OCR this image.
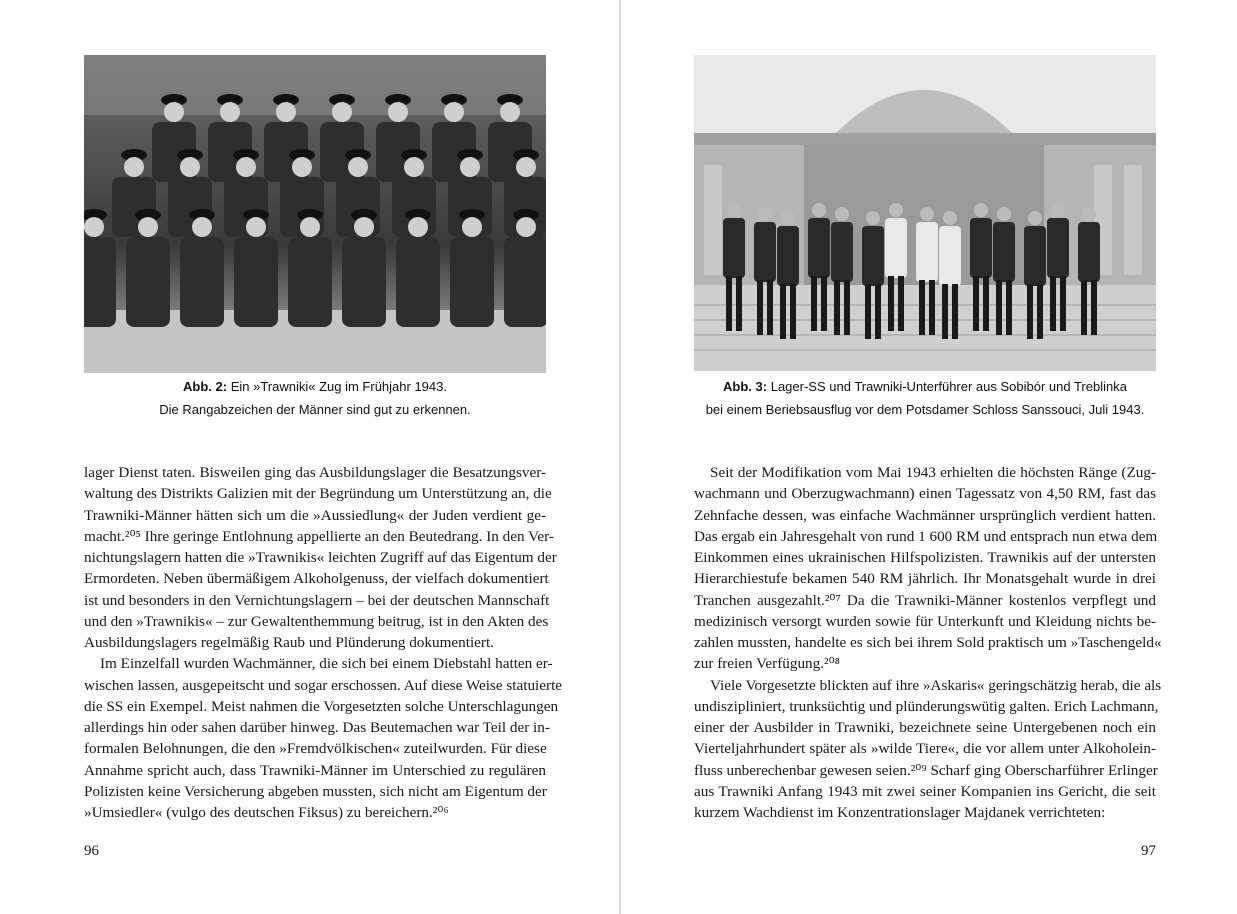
Abb. 2: Ein »Trawniki« Zug im Frühjahr 1943.
Die Rangabzeichen der Männer sind gut zu erkennen.
lager Dienst taten. Bisweilen ging das Ausbildungslager die Besatzungsver-
waltung des Distrikts Galizien mit der Begründung um Unterstützung an, die
Trawniki-Männer hätten sich um die »Aussiedlung« der Juden verdient ge-
macht.²⁰⁵ Ihre geringe Entlohnung appellierte an den Beutedrang. In den Ver-
nichtungslagern hatten die »Trawnikis« leichten Zugriff auf das Eigentum der
Ermordeten. Neben übermäßigem Alkoholgenuss, der vielfach dokumentiert
ist und besonders in den Vernichtungslagern – bei der deutschen Mannschaft
und den »Trawnikis« – zur Gewaltenthemmung beitrug, ist in den Akten des
Ausbildungslagers regelmäßig Raub und Plünderung dokumentiert.
Im Einzelfall wurden Wachmänner, die sich bei einem Diebstahl hatten er-
wischen lassen, ausgepeitscht und sogar erschossen. Auf diese Weise statuierte
die SS ein Exempel. Meist nahmen die Vorgesetzten solche Unterschlagungen
allerdings hin oder sahen darüber hinweg. Das Beutemachen war Teil der in-
formalen Belohnungen, die den »Fremdvölkischen« zuteilwurden. Für diese
Annahme spricht auch, dass Trawniki-Männer im Unterschied zu regulären
Polizisten keine Versicherung abgeben mussten, sich nicht am Eigentum der
»Umsiedler« (vulgo des deutschen Fiksus) zu bereichern.²⁰⁶
96
Abb. 3: Lager-SS und Trawniki-Unterführer aus Sobibór und Treblinka
bei einem Beriebsausflug vor dem Potsdamer Schloss Sanssouci, Juli 1943.
Seit der Modifikation vom Mai 1943 erhielten die höchsten Ränge (Zug-
wachmann und Oberzugwachmann) einen Tagessatz von 4,50 RM, fast das
Zehnfache dessen, was einfache Wachmänner ursprünglich verdient hatten.
Das ergab ein Jahresgehalt von rund 1 600 RM und entsprach nun etwa dem
Einkommen eines ukrainischen Hilfspolizisten. Trawnikis auf der untersten
Hierarchiestufe bekamen 540 RM jährlich. Ihr Monatsgehalt wurde in drei
Tranchen ausgezahlt.²⁰⁷ Da die Trawniki-Männer kostenlos verpflegt und
medizinisch versorgt wurden sowie für Unterkunft und Kleidung nichts be-
zahlen mussten, handelte es sich bei ihrem Sold praktisch um »Taschengeld«
zur freien Verfügung.²⁰⁸
Viele Vorgesetzte blickten auf ihre »Askaris« geringschätzig herab, die als
undiszipliniert, trunksüchtig und plünderungswütig galten. Erich Lachmann,
einer der Ausbilder in Trawniki, bezeichnete seine Untergebenen noch ein
Vierteljahrhundert später als »wilde Tiere«, die vor allem unter Alkoholein-
fluss unberechenbar gewesen seien.²⁰⁹ Scharf ging Oberscharführer Erlinger
aus Trawniki Anfang 1943 mit zwei seiner Kompanien ins Gericht, die seit
kurzem Wachdienst im Konzentrationslager Majdanek verrichteten:
97
